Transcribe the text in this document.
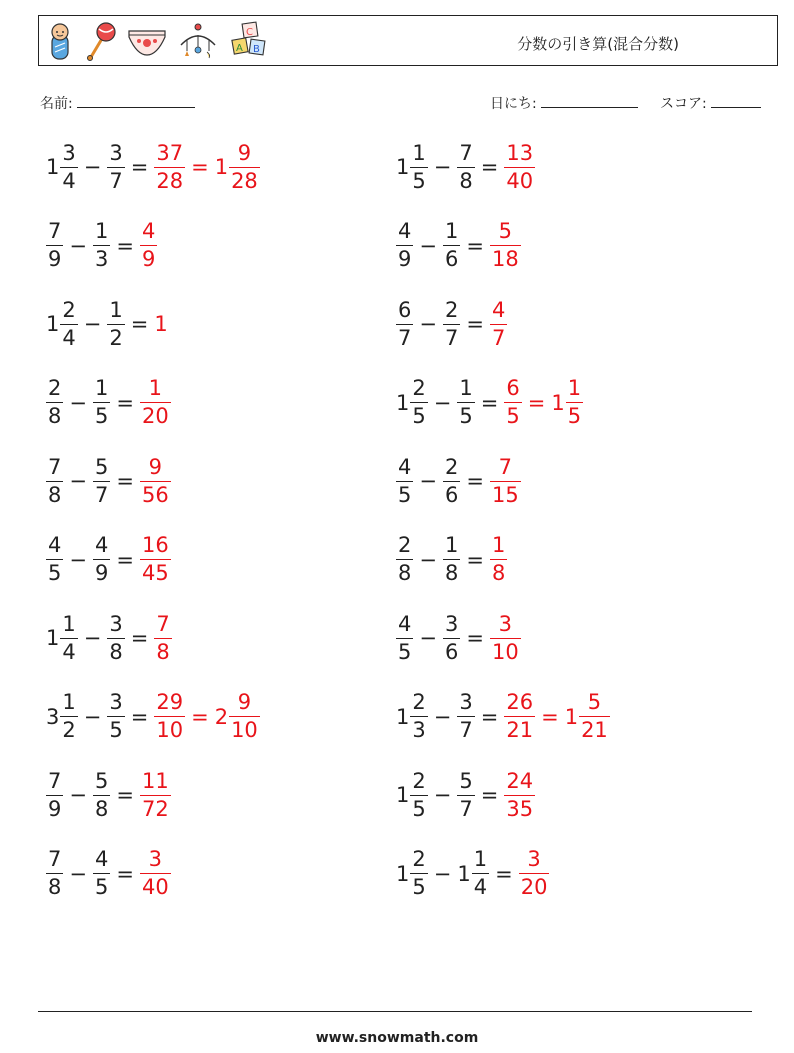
C
A B	分数の引き算(混合分数)
名前:	日にち:	スコア:
$1 \frac{3}{4} - \frac{3}{7} = \frac{37}{28} = 1 \frac{9}{28}$	$1 \frac{1}{5} - \frac{7}{8} = \frac{13}{40}$
$\frac{7}{9} - \frac{1}{3} = \frac{4}{9}$	$\frac{4}{9} - \frac{1}{6} = \frac{5}{18}$
$1 \frac{2}{4} - \frac{1}{2} = 1$	$\frac{6}{7} - \frac{2}{7} = \frac{4}{7}$
$\frac{2}{8} - \frac{1}{5} = \frac{1}{20}$	$1 \frac{2}{5} - \frac{1}{5} = \frac{6}{5} = 1 \frac{1}{5}$
$\frac{7}{8} - \frac{5}{7} = \frac{9}{56}$	$\frac{4}{5} - \frac{2}{6} = \frac{7}{15}$
$\frac{4}{5} - \frac{4}{9} = \frac{16}{45}$	$\frac{2}{8} - \frac{1}{8} = \frac{1}{8}$
$1 \frac{1}{4} - \frac{3}{8} = \frac{7}{8}$	$\frac{4}{5} - \frac{3}{6} = \frac{3}{10}$
$3 \frac{1}{2} - \frac{3}{5} = \frac{29}{10} = 2 \frac{9}{10}$	$1 \frac{2}{3} - \frac{3}{7} = \frac{26}{21} = 1 \frac{5}{21}$
$\frac{7}{9} - \frac{5}{8} = \frac{11}{72}$	$1 \frac{2}{5} - \frac{5}{7} = \frac{24}{35}$
$\frac{7}{8} - \frac{4}{5} = \frac{3}{40}$	$1 \frac{2}{5} - 1 \frac{1}{4} = \frac{3}{20}$
www.snowmath.com
